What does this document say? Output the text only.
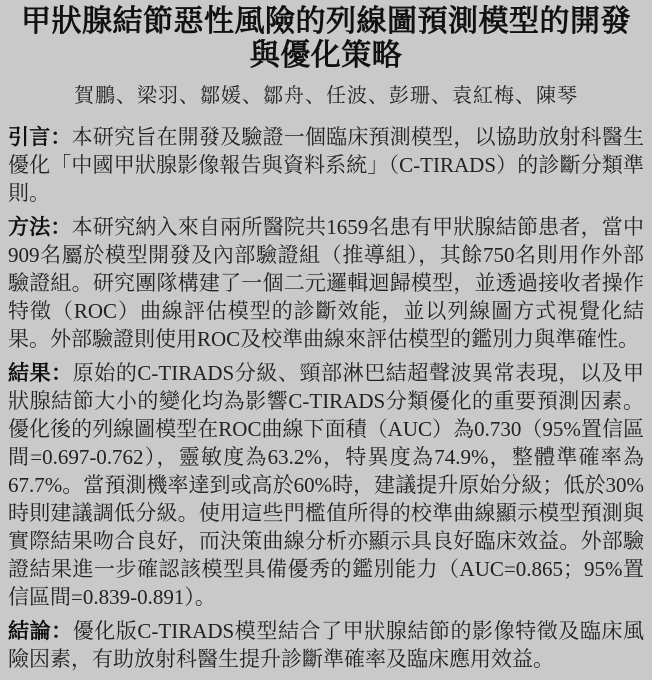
甲狀腺結節惡性風險的列線圖預測模型的開發與優化策略
賀鵬、梁羽、鄒媛、鄒舟、任波、彭珊、袁紅梅、陳琴

引言：本研究旨在開發及驗證一個臨床預測模型，以協助放射科醫生優化「中國甲狀腺影像報告與資料系統」（C-TIRADS）的診斷分類準則。

方法：本研究納入來自兩所醫院共1659名患有甲狀腺結節患者，當中909名屬於模型開發及內部驗證組（推導組），其餘750名則用作外部驗證組。研究團隊構建了一個二元邏輯迴歸模型，並透過接收者操作特徵（ROC）曲線評估模型的診斷效能，並以列線圖方式視覺化結果。外部驗證則使用ROC及校準曲線來評估模型的鑑別力與準確性。

結果：原始的C-TIRADS分級、頸部淋巴結超聲波異常表現，以及甲狀腺結節大小的變化均為影響C-TIRADS分類優化的重要預測因素。優化後的列線圖模型在ROC曲線下面積（AUC）為0.730（95%置信區間=0.697-0.762），靈敏度為63.2%，特異度為74.9%，整體準確率為67.7%。當預測機率達到或高於60%時，建議提升原始分級；低於30%時則建議調低分級。使用這些門檻值所得的校準曲線顯示模型預測與實際結果吻合良好，而決策曲線分析亦顯示具良好臨床效益。外部驗證結果進一步確認該模型具備優秀的鑑別能力（AUC=0.865；95%置信區間=0.839-0.891）。

結論：優化版C-TIRADS模型結合了甲狀腺結節的影像特徵及臨床風險因素，有助放射科醫生提升診斷準確率及臨床應用效益。
